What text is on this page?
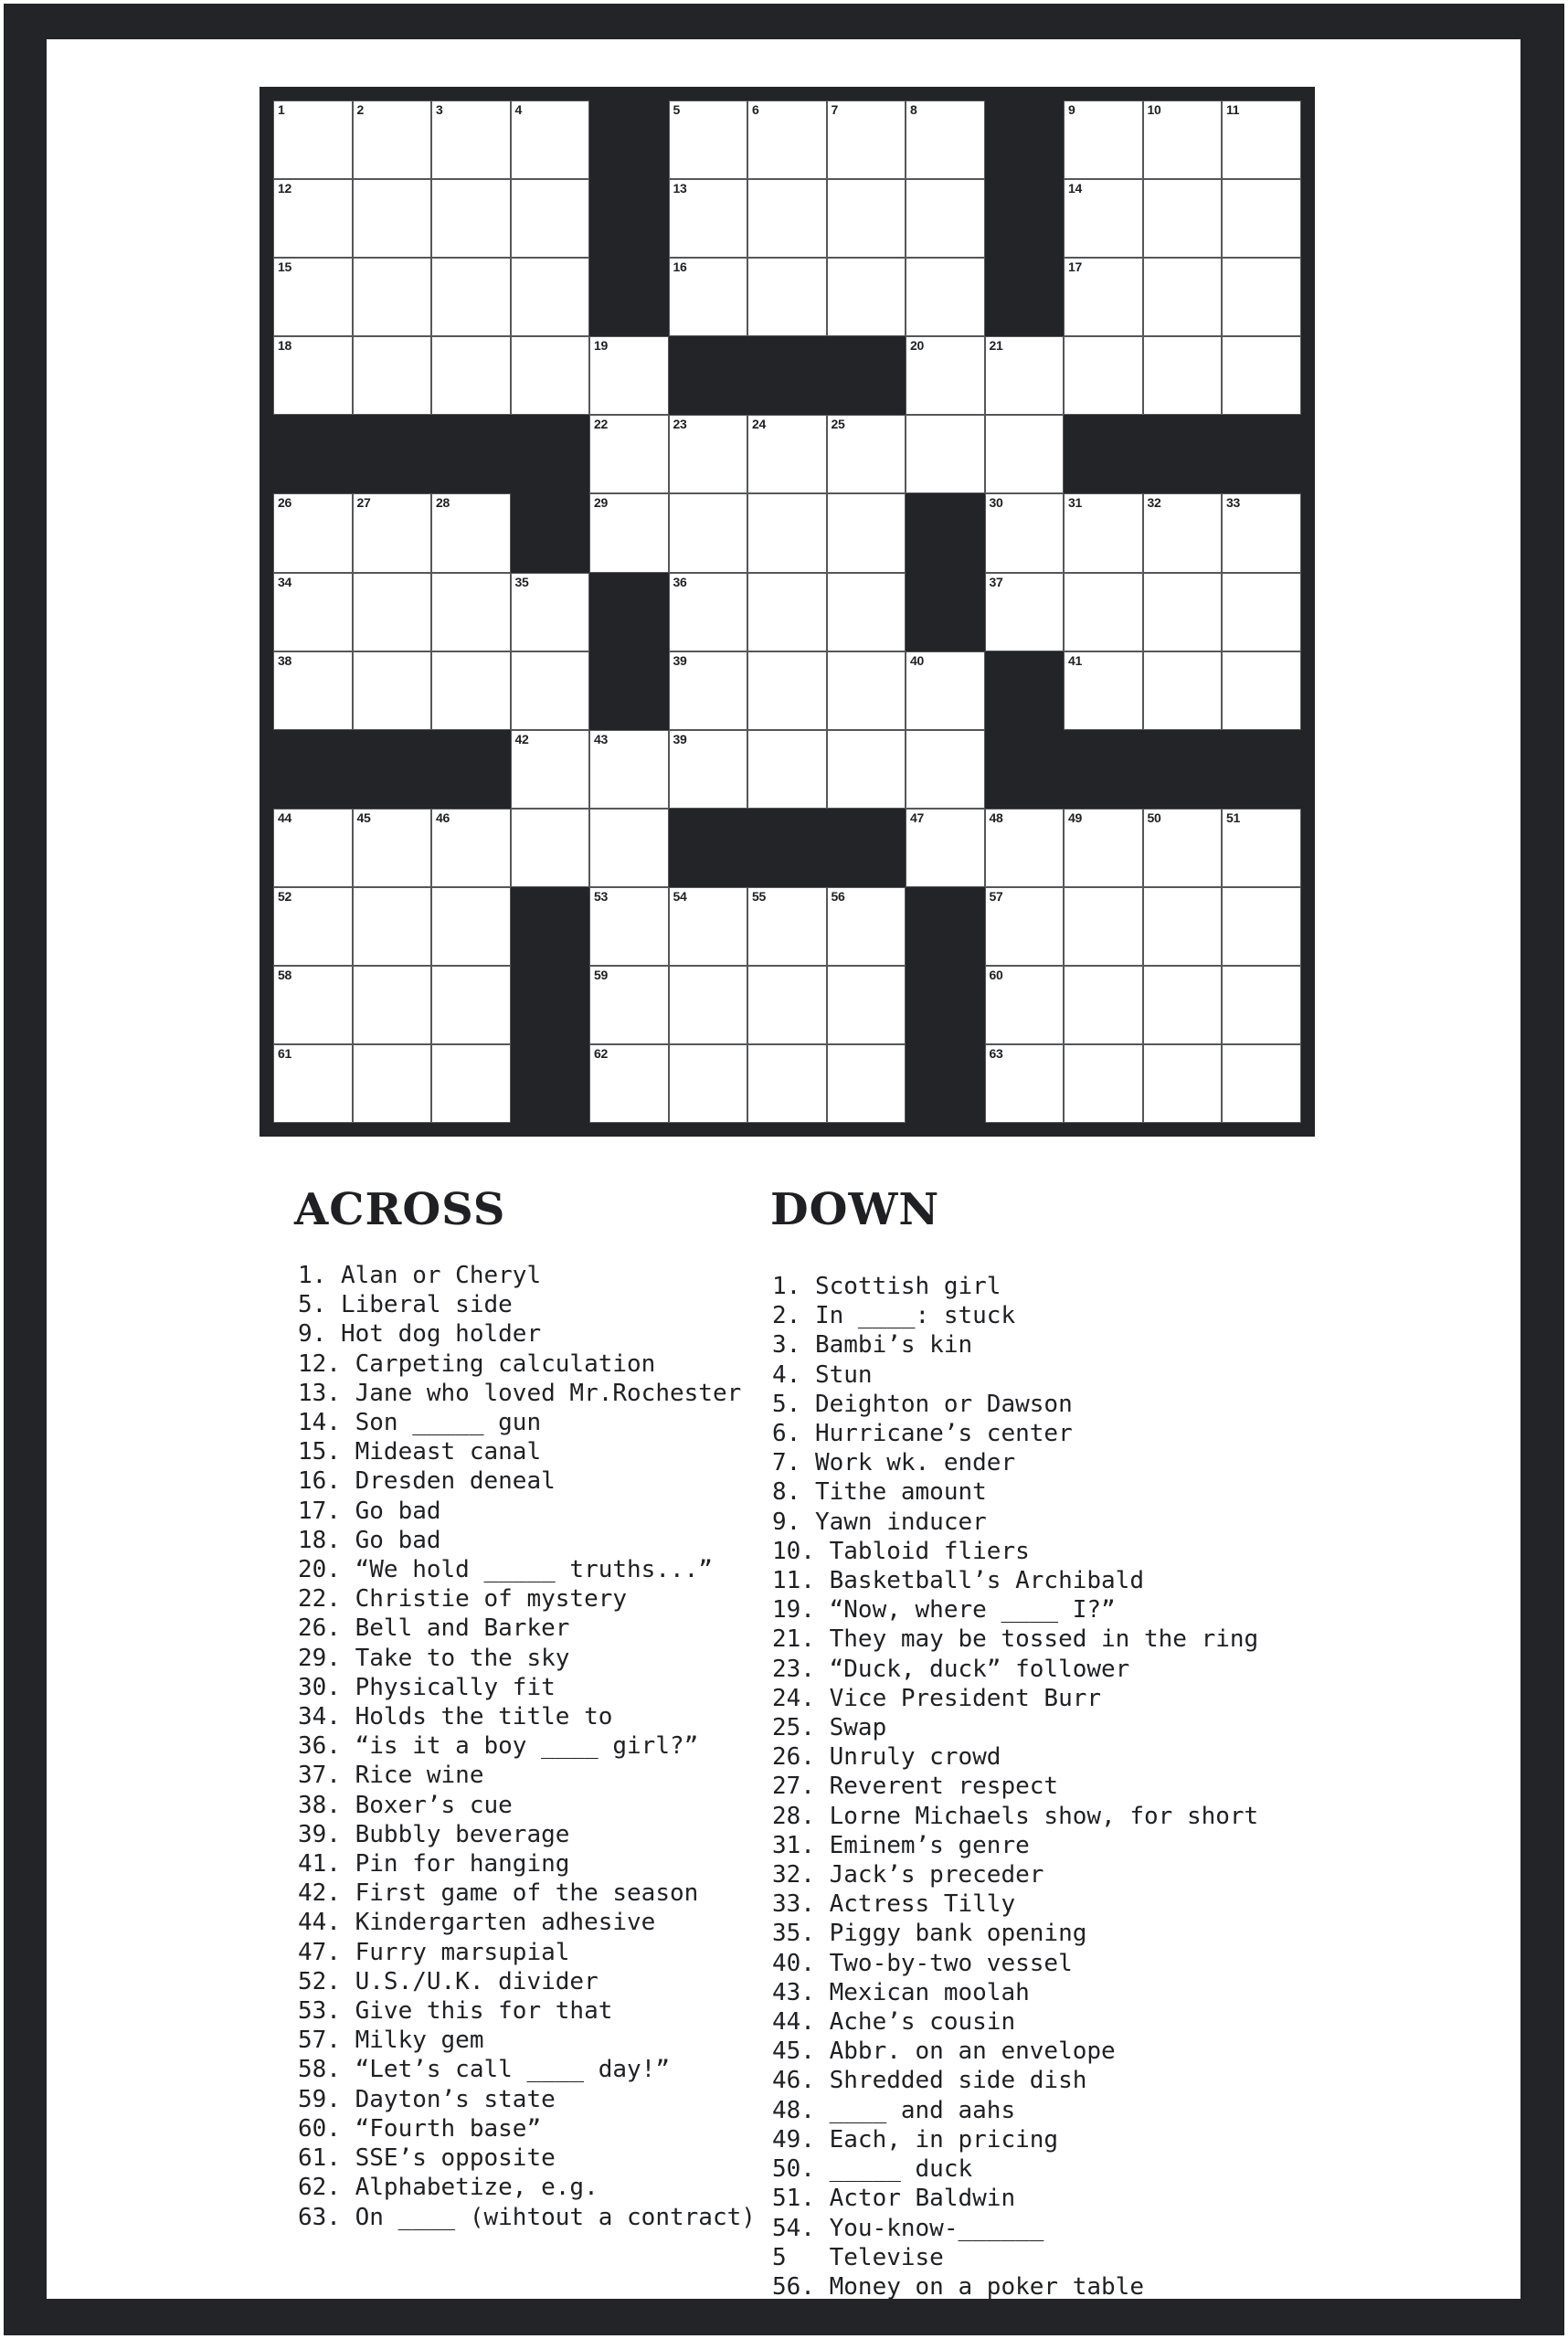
1	2	3	4	5	6	7	8	9	10	11
12	13	14
15	16	17
18	19	20	21
22	23	24	25
26	27	28	29	30	31	32	33
34	35	36	37
38	39	40	41
42	43	39
44	45	46	47	48	49	50	51
52	53	54	55	56	57
58	59	60
61	62	63
ACROSS	DOWN
1. Alan or Cheryl
5. Liberal side
9. Hot dog holder
12. Carpeting calculation
13. Jane who loved Mr.Rochester
14. Son _____ gun
15. Mideast canal
16. Dresden deneal
17. Go bad
18. Go bad
20. “We hold _____ truths...”
22. Christie of mystery
26. Bell and Barker
29. Take to the sky
30. Physically fit
34. Holds the title to
36. “is it a boy ____ girl?”
37. Rice wine
38. Boxer’s cue
39. Bubbly beverage
41. Pin for hanging
42. First game of the season
44. Kindergarten adhesive
47. Furry marsupial
52. U.S./U.K. divider
53. Give this for that
57. Milky gem
58. “Let’s call ____ day!”
59. Dayton’s state
60. “Fourth base”
61. SSE’s opposite
62. Alphabetize, e.g.
63. On ____ (wihtout a contract)
1. Scottish girl
2. In ____: stuck
3. Bambi’s kin
4. Stun
5. Deighton or Dawson
6. Hurricane’s center
7. Work wk. ender
8. Tithe amount
9. Yawn inducer
10. Tabloid fliers
11. Basketball’s Archibald
19. “Now, where ____ I?”
21. They may be tossed in the ring
23. “Duck, duck” follower
24. Vice President Burr
25. Swap
26. Unruly crowd
27. Reverent respect
28. Lorne Michaels show, for short
31. Eminem’s genre
32. Jack’s preceder
33. Actress Tilly
35. Piggy bank opening
40. Two-by-two vessel
43. Mexican moolah
44. Ache’s cousin
45. Abbr. on an envelope
46. Shredded side dish
48. ____ and aahs
49. Each, in pricing
50. _____ duck
51. Actor Baldwin
54. You-know-______
5   Televise
56. Money on a poker table
